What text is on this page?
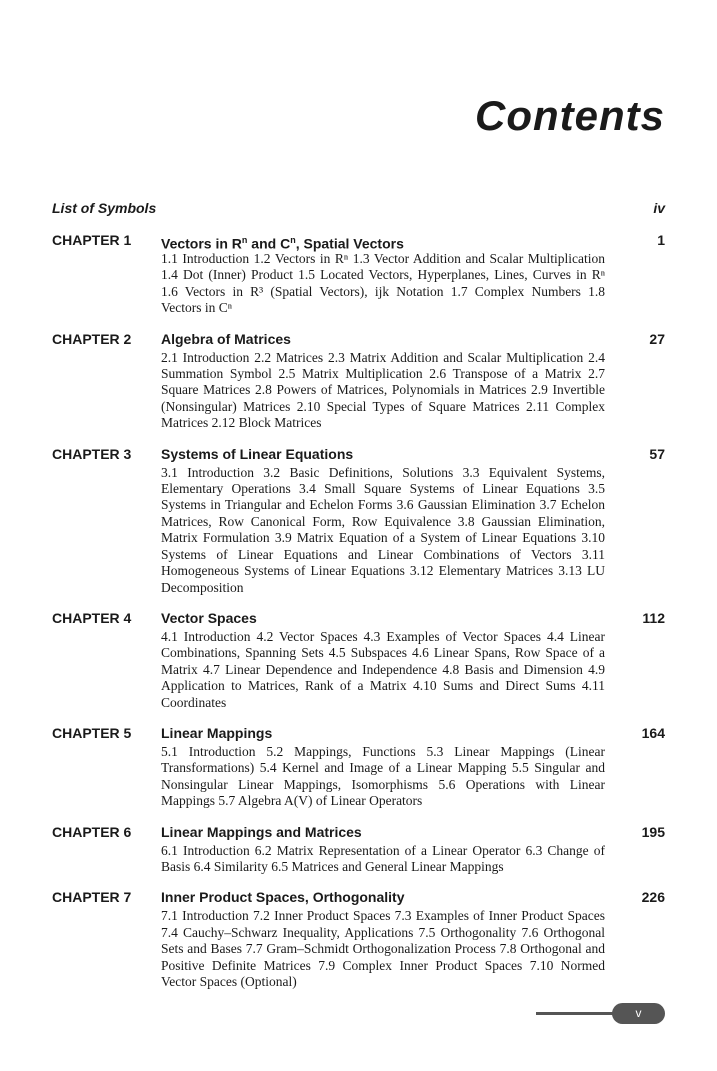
Contents
List of Symbols	iv
CHAPTER 1	1
Vectors in $R^n$ and $C^n$, Spatial Vectors

1.1 Introduction 1.2 Vectors in Rⁿ 1.3 Vector Addition and Scalar Multiplication 1.4 Dot (Inner) Product 1.5 Located Vectors, Hyperplanes, Lines, Curves in Rⁿ 1.6 Vectors in R³ (Spatial Vectors), ijk Notation 1.7 Complex Numbers 1.8 Vectors in Cⁿ

CHAPTER 2	27
Algebra of Matrices

2.1 Introduction 2.2 Matrices 2.3 Matrix Addition and Scalar Multiplication 2.4 Summation Symbol 2.5 Matrix Multiplication 2.6 Transpose of a Matrix 2.7 Square Matrices 2.8 Powers of Matrices, Polynomials in Matrices 2.9 Invertible (Nonsingular) Matrices 2.10 Special Types of Square Matrices 2.11 Complex Matrices 2.12 Block Matrices

CHAPTER 3	57
Systems of Linear Equations

3.1 Introduction 3.2 Basic Definitions, Solutions 3.3 Equivalent Systems, Elementary Operations 3.4 Small Square Systems of Linear Equations 3.5 Systems in Triangular and Echelon Forms 3.6 Gaussian Elimination 3.7 Echelon Matrices, Row Canonical Form, Row Equivalence 3.8 Gaussian Elimination, Matrix Formulation 3.9 Matrix Equation of a System of Linear Equations 3.10 Systems of Linear Equations and Linear Combinations of Vectors 3.11 Homogeneous Systems of Linear Equations 3.12 Elementary Matrices 3.13 LU Decomposition

CHAPTER 4	112
Vector Spaces

4.1 Introduction 4.2 Vector Spaces 4.3 Examples of Vector Spaces 4.4 Linear Combinations, Spanning Sets 4.5 Subspaces 4.6 Linear Spans, Row Space of a Matrix 4.7 Linear Dependence and Independence 4.8 Basis and Dimension 4.9 Application to Matrices, Rank of a Matrix 4.10 Sums and Direct Sums 4.11 Coordinates

CHAPTER 5	164
Linear Mappings

5.1 Introduction 5.2 Mappings, Functions 5.3 Linear Mappings (Linear Transformations) 5.4 Kernel and Image of a Linear Mapping 5.5 Singular and Nonsingular Linear Mappings, Isomorphisms 5.6 Operations with Linear Mappings 5.7 Algebra A(V) of Linear Operators

CHAPTER 6	195
Linear Mappings and Matrices

6.1 Introduction 6.2 Matrix Representation of a Linear Operator 6.3 Change of Basis 6.4 Similarity 6.5 Matrices and General Linear Mappings

CHAPTER 7	226
Inner Product Spaces, Orthogonality

7.1 Introduction 7.2 Inner Product Spaces 7.3 Examples of Inner Product Spaces 7.4 Cauchy–Schwarz Inequality, Applications 7.5 Orthogonality 7.6 Orthogonal Sets and Bases 7.7 Gram–Schmidt Orthogonalization Process 7.8 Orthogonal and Positive Definite Matrices 7.9 Complex Inner Product Spaces 7.10 Normed Vector Spaces (Optional)

v
